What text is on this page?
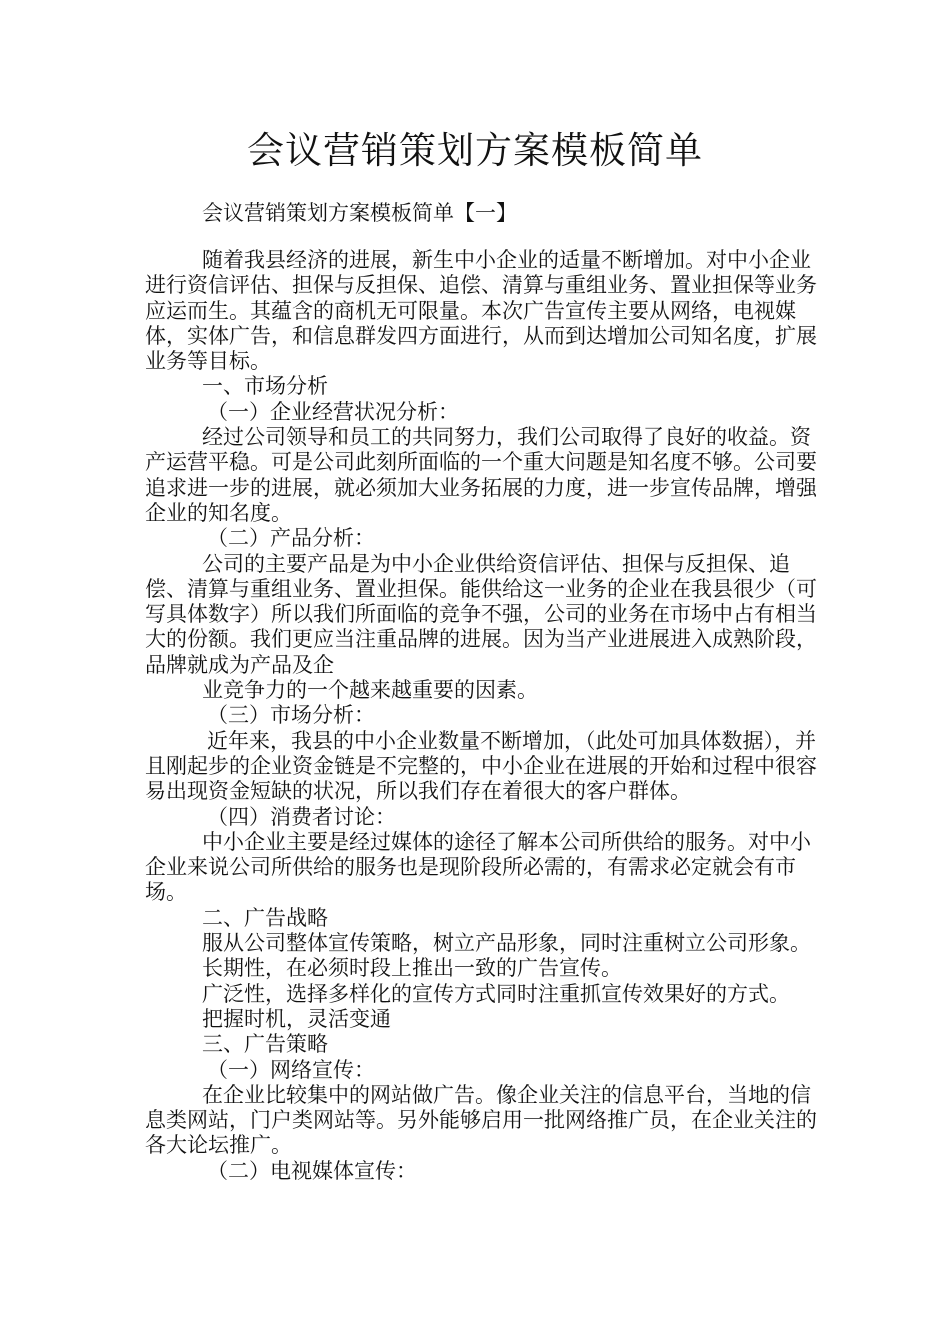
会议营销策划方案模板简单

会议营销策划方案模板简单【一】

随着我县经济的进展，新生中小企业的适量不断增加。对中小企业进行资信评估、担保与反担保、追偿、清算与重组业务、置业担保等业务应运而生。其蕴含的商机无可限量。本次广告宣传主要从网络，电视媒体，实体广告，和信息群发四方面进行，从而到达增加公司知名度，扩展业务等目标。

一、市场分析

（一）企业经营状况分析：

经过公司领导和员工的共同努力，我们公司取得了良好的收益。资产运营平稳。可是公司此刻所面临的一个重大问题是知名度不够。公司要追求进一步的进展，就必须加大业务拓展的力度，进一步宣传品牌，增强企业的知名度。

（二）产品分析：

公司的主要产品是为中小企业供给资信评估、担保与反担保、追偿、清算与重组业务、置业担保。能供给这一业务的企业在我县很少（可写具体数字）所以我们所面临的竞争不强，公司的业务在市场中占有相当大的份额。我们更应当注重品牌的进展。因为当产业进展进入成熟阶段，品牌就成为产品及企

业竞争力的一个越来越重要的因素。

（三）市场分析：

近年来，我县的中小企业数量不断增加，（此处可加具体数据），并且刚起步的企业资金链是不完整的，中小企业在进展的开始和过程中很容易出现资金短缺的状况，所以我们存在着很大的客户群体。

（四）消费者讨论：

中小企业主要是经过媒体的途径了解本公司所供给的服务。对中小企业来说公司所供给的服务也是现阶段所必需的，有需求必定就会有市场。

二、广告战略

服从公司整体宣传策略，树立产品形象，同时注重树立公司形象。

长期性，在必须时段上推出一致的广告宣传。

广泛性，选择多样化的宣传方式同时注重抓宣传效果好的方式。

把握时机，灵活变通

三、广告策略

（一）网络宣传：

在企业比较集中的网站做广告。像企业关注的信息平台，当地的信息类网站，门户类网站等。另外能够启用一批网络推广员，在企业关注的各大论坛推广。

（二）电视媒体宣传：
